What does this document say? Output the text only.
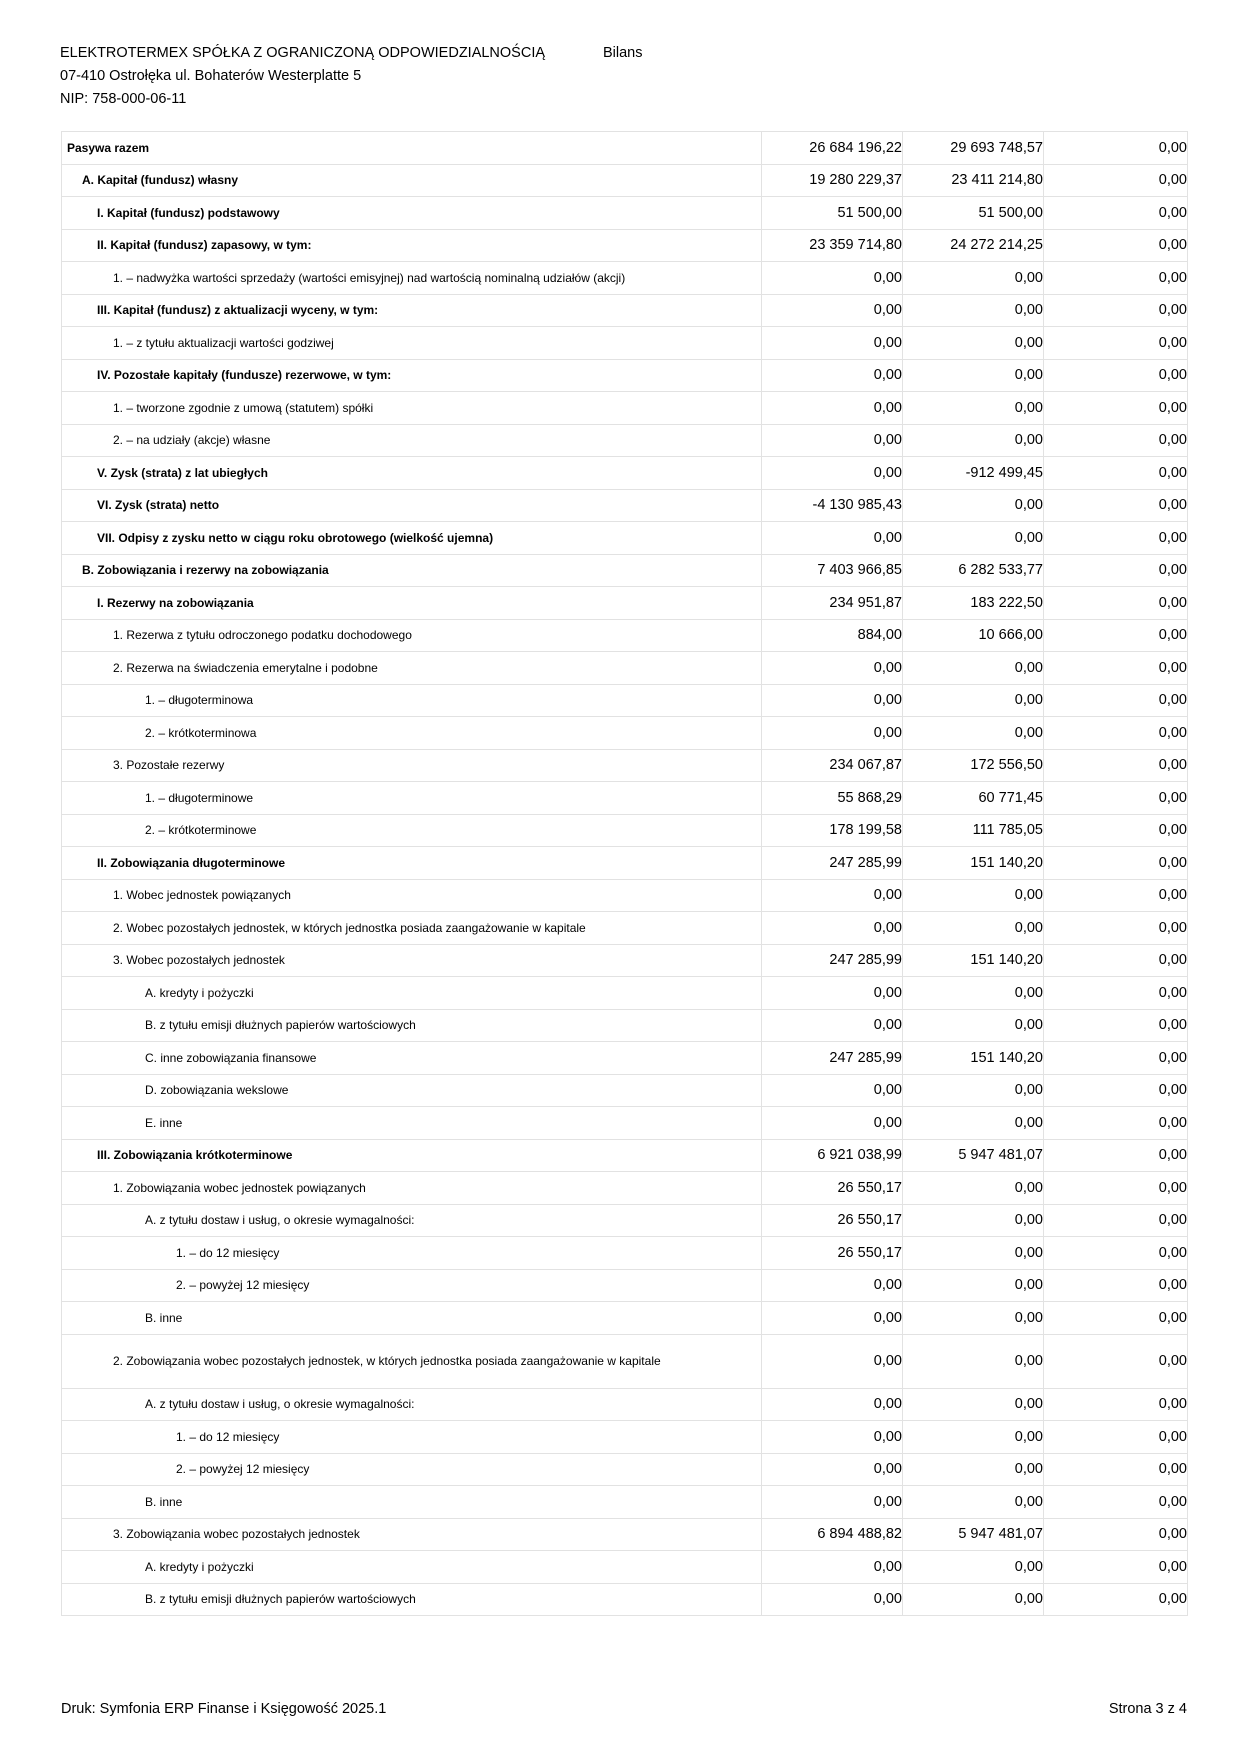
ELEKTROTERMEX SPÓŁKA Z OGRANICZONĄ ODPOWIEDZIALNOŚCIĄ
07-410 Ostrołęka ul. Bohaterów Westerplatte 5
NIP: 758-000-06-11
Bilans
Pasywa razem	26 684 196,22	29 693 748,57	0,00
A. Kapitał (fundusz) własny	19 280 229,37	23 411 214,80	0,00
I. Kapitał (fundusz) podstawowy	51 500,00	51 500,00	0,00
II. Kapitał (fundusz) zapasowy, w tym:	23 359 714,80	24 272 214,25	0,00
1. – nadwyżka wartości sprzedaży (wartości emisyjnej) nad wartością nominalną udziałów (akcji)	0,00	0,00	0,00
III. Kapitał (fundusz) z aktualizacji wyceny, w tym:	0,00	0,00	0,00
1. – z tytułu aktualizacji wartości godziwej	0,00	0,00	0,00
IV. Pozostałe kapitały (fundusze) rezerwowe, w tym:	0,00	0,00	0,00
1. – tworzone zgodnie z umową (statutem) spółki	0,00	0,00	0,00
2. – na udziały (akcje) własne	0,00	0,00	0,00
V. Zysk (strata) z lat ubiegłych	0,00	-912 499,45	0,00
VI. Zysk (strata) netto	-4 130 985,43	0,00	0,00
VII. Odpisy z zysku netto w ciągu roku obrotowego (wielkość ujemna)	0,00	0,00	0,00
B. Zobowiązania i rezerwy na zobowiązania	7 403 966,85	6 282 533,77	0,00
I. Rezerwy na zobowiązania	234 951,87	183 222,50	0,00
1. Rezerwa z tytułu odroczonego podatku dochodowego	884,00	10 666,00	0,00
2. Rezerwa na świadczenia emerytalne i podobne	0,00	0,00	0,00
1. – długoterminowa	0,00	0,00	0,00
2. – krótkoterminowa	0,00	0,00	0,00
3. Pozostałe rezerwy	234 067,87	172 556,50	0,00
1. – długoterminowe	55 868,29	60 771,45	0,00
2. – krótkoterminowe	178 199,58	111 785,05	0,00
II. Zobowiązania długoterminowe	247 285,99	151 140,20	0,00
1. Wobec jednostek powiązanych	0,00	0,00	0,00
2. Wobec pozostałych jednostek, w których jednostka posiada zaangażowanie w kapitale	0,00	0,00	0,00
3. Wobec pozostałych jednostek	247 285,99	151 140,20	0,00
A. kredyty i pożyczki	0,00	0,00	0,00
B. z tytułu emisji dłużnych papierów wartościowych	0,00	0,00	0,00
C. inne zobowiązania finansowe	247 285,99	151 140,20	0,00
D. zobowiązania wekslowe	0,00	0,00	0,00
E. inne	0,00	0,00	0,00
III. Zobowiązania krótkoterminowe	6 921 038,99	5 947 481,07	0,00
1. Zobowiązania wobec jednostek powiązanych	26 550,17	0,00	0,00
A. z tytułu dostaw i usług, o okresie wymagalności:	26 550,17	0,00	0,00
1. – do 12 miesięcy	26 550,17	0,00	0,00
2. – powyżej 12 miesięcy	0,00	0,00	0,00
B. inne	0,00	0,00	0,00
2. Zobowiązania wobec pozostałych jednostek, w których jednostka posiada zaangażowanie w kapitale	0,00	0,00	0,00
A. z tytułu dostaw i usług, o okresie wymagalności:	0,00	0,00	0,00
1. – do 12 miesięcy	0,00	0,00	0,00
2. – powyżej 12 miesięcy	0,00	0,00	0,00
B. inne	0,00	0,00	0,00
3. Zobowiązania wobec pozostałych jednostek	6 894 488,82	5 947 481,07	0,00
A. kredyty i pożyczki	0,00	0,00	0,00
B. z tytułu emisji dłużnych papierów wartościowych	0,00	0,00	0,00
Druk: Symfonia ERP Finanse i Księgowość 2025.1	Strona 3 z 4
